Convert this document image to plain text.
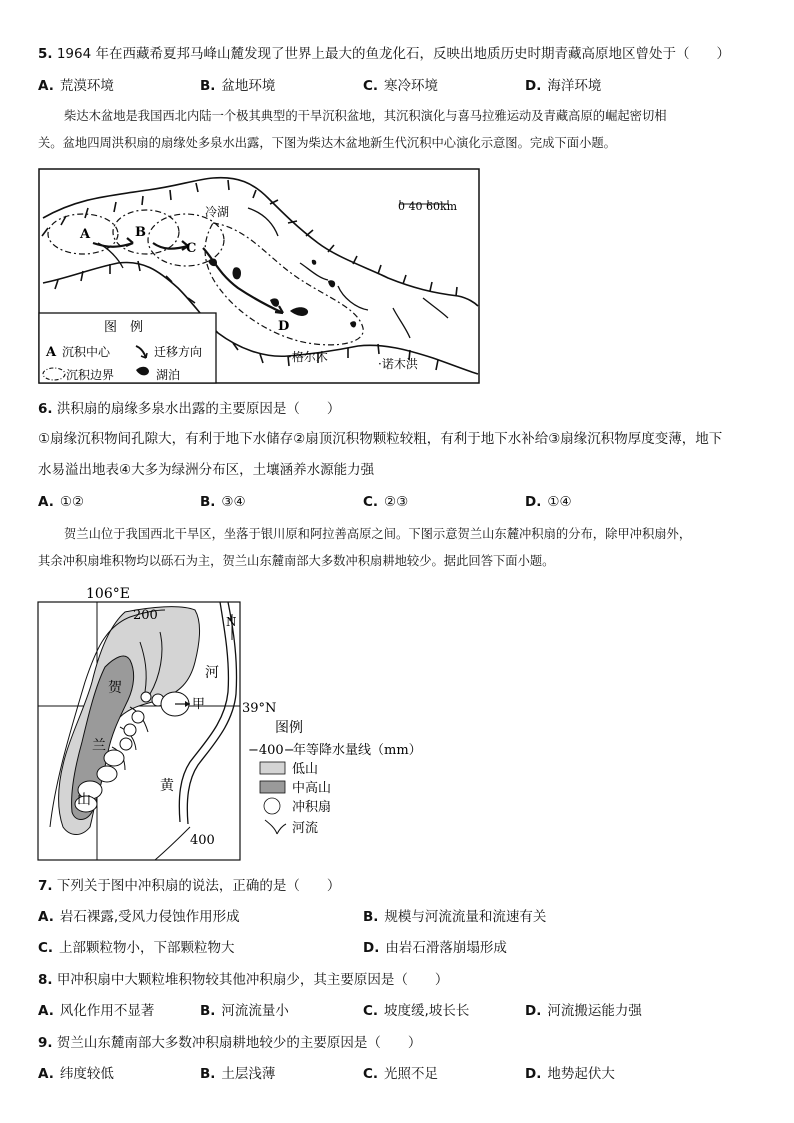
5. 1964 年在西藏希夏邦马峰山麓发现了世界上最大的鱼龙化石，反映出地质历史时期青藏高原地区曾处于（　　）
A. 荒漠环境	B. 盆地环境	C. 寒冷环境	D. 海洋环境
柴达木盆地是我国西北内陆一个极其典型的干旱沉积盆地，其沉积演化与喜马拉雅运动及青藏高原的崛起密切相
关。盆地四周洪积扇的扇缘处多泉水出露，下图为柴达木盆地新生代沉积中心演化示意图。完成下面小题。
A	B
C
D
冷湖
·格尔木	·诺木洪
0 40 60km
图　例
A 沉积中心	迁移方向
沉积边界	湖泊
6. 洪积扇的扇缘多泉水出露的主要原因是（　　）
①扇缘沉积物间孔隙大，有利于地下水储存②扇顶沉积物颗粒较粗，有利于地下水补给③扇缘沉积物厚度变薄，地下
水易溢出地表④大多为绿洲分布区，土壤涵养水源能力强
A. ①②	B. ③④	C. ②③	D. ①④
贺兰山位于我国西北干旱区，坐落于银川原和阿拉善高原之间。下图示意贺兰山东麓冲积扇的分布，除甲冲积扇外，
其余冲积扇堆积物均以砾石为主，贺兰山东麓南部大多数冲积扇耕地较少。据此回答下面小题。
106°E
39°N
甲
200
400
河
黄
贺
兰
山
N
图例
−400−
年等降水量线（mm）
低山
中高山
冲积扇
河流
7. 下列关于图中冲积扇的说法，正确的是（　　）
A. 岩石裸露,受风力侵蚀作用形成	B. 规模与河流流量和流速有关
C. 上部颗粒物小，下部颗粒物大	D. 由岩石滑落崩塌形成
8. 甲冲积扇中大颗粒堆积物较其他冲积扇少，其主要原因是（　　）
A. 风化作用不显著	B. 河流流量小	C. 坡度缓,坡长长	D. 河流搬运能力强
9. 贺兰山东麓南部大多数冲积扇耕地较少的主要原因是（　　）
A. 纬度较低	B. 土层浅薄	C. 光照不足	D. 地势起伏大
